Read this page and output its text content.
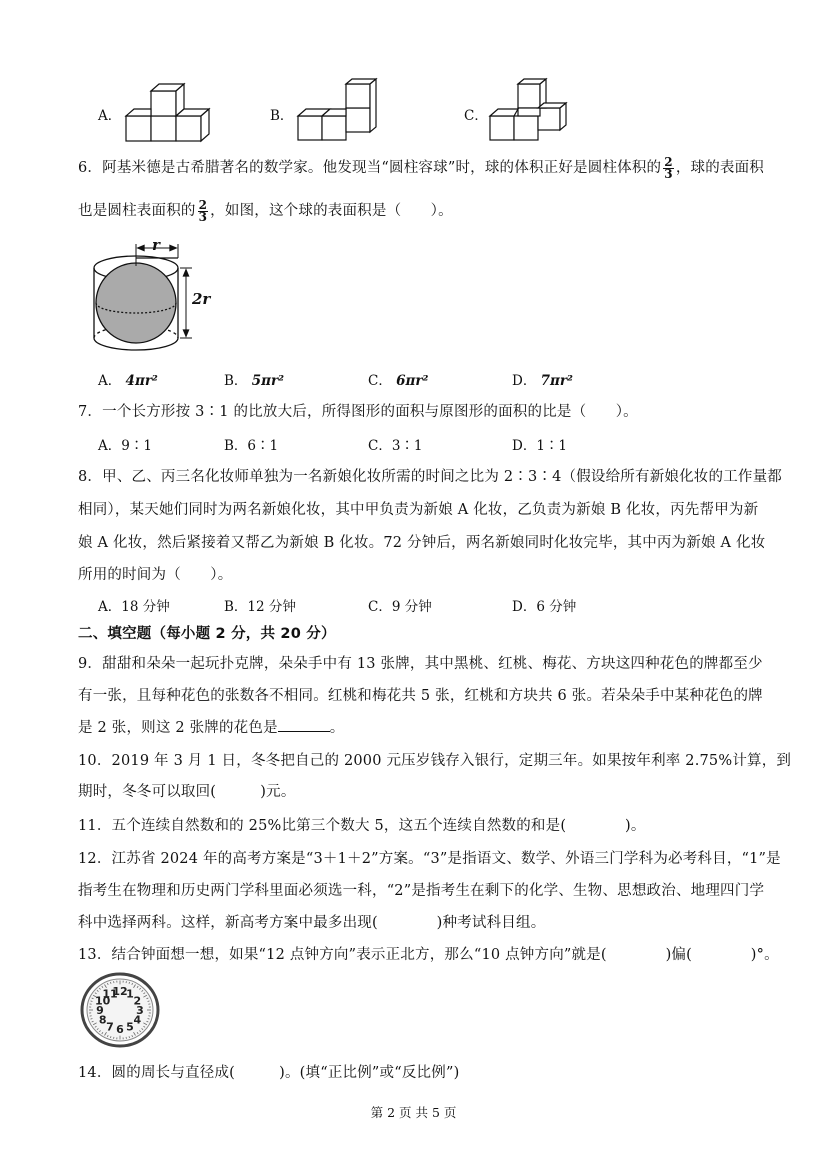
A．	B．	C．
6．阿基米德是古希腊著名的数学家。他发现当“圆柱容球”时，球的体积正好是圆柱体积的 $\frac{2}{3}$ ，球的表面积
也是圆柱表面积的 $\frac{2}{3}$ ，如图，这个球的表面积是（　　）。
r
2r
A． 4πr²	B． 5πr²	C． 6πr²	D． 7πr²
7．一个长方形按 3∶1 的比放大后，所得图形的面积与原图形的面积的比是（　　）。
A．9∶1	B．6∶1	C．3∶1	D．1∶1
8．甲、乙、丙三名化妆师单独为一名新娘化妆所需的时间之比为 2∶3∶4（假设给所有新娘化妆的工作量都
相同），某天她们同时为两名新娘化妆，其中甲负责为新娘 A 化妆，乙负责为新娘 B 化妆，丙先帮甲为新
娘 A 化妆，然后紧接着又帮乙为新娘 B 化妆。72 分钟后，两名新娘同时化妆完毕，其中丙为新娘 A 化妆
所用的时间为（　　）。
A．18 分钟	B．12 分钟	C．9 分钟	D．6 分钟
二、填空题（每小题 2 分，共 20 分）
9．甜甜和朵朵一起玩扑克牌，朵朵手中有 13 张牌，其中黑桃、红桃、梅花、方块这四种花色的牌都至少
有一张，且每种花色的张数各不相同。红桃和梅花共 5 张，红桃和方块共 6 张。若朵朵手中某种花色的牌
是 2 张，则这 2 张牌的花色是	。
10．2019 年 3 月 1 日，冬冬把自己的 2000 元压岁钱存入银行，定期三年。如果按年利率 2.75%计算，到
期时，冬冬可以取回(　　　)元。
11．五个连续自然数和的 25%比第三个数大 5，这五个连续自然数的和是(　　　　)。
12．江苏省 2024 年的高考方案是“3＋1＋2”方案。“3”是指语文、数学、外语三门学科为必考科目，“1”是
指考生在物理和历史两门学科里面必须选一科，“2”是指考生在剩下的化学、生物、思想政治、地理四门学
科中选择两科。这样，新高考方案中最多出现(　　　　)种考试科目组。
13．结合钟面想一想，如果“12 点钟方向”表示正北方，那么“10 点钟方向”就是(　　　　)偏(　　　　)°。
12
1
2
3
4
5
6
7
8
9
10
11
14．圆的周长与直径成(　　　)。(填“正比例”或“反比例”)
第 2 页 共 5 页
